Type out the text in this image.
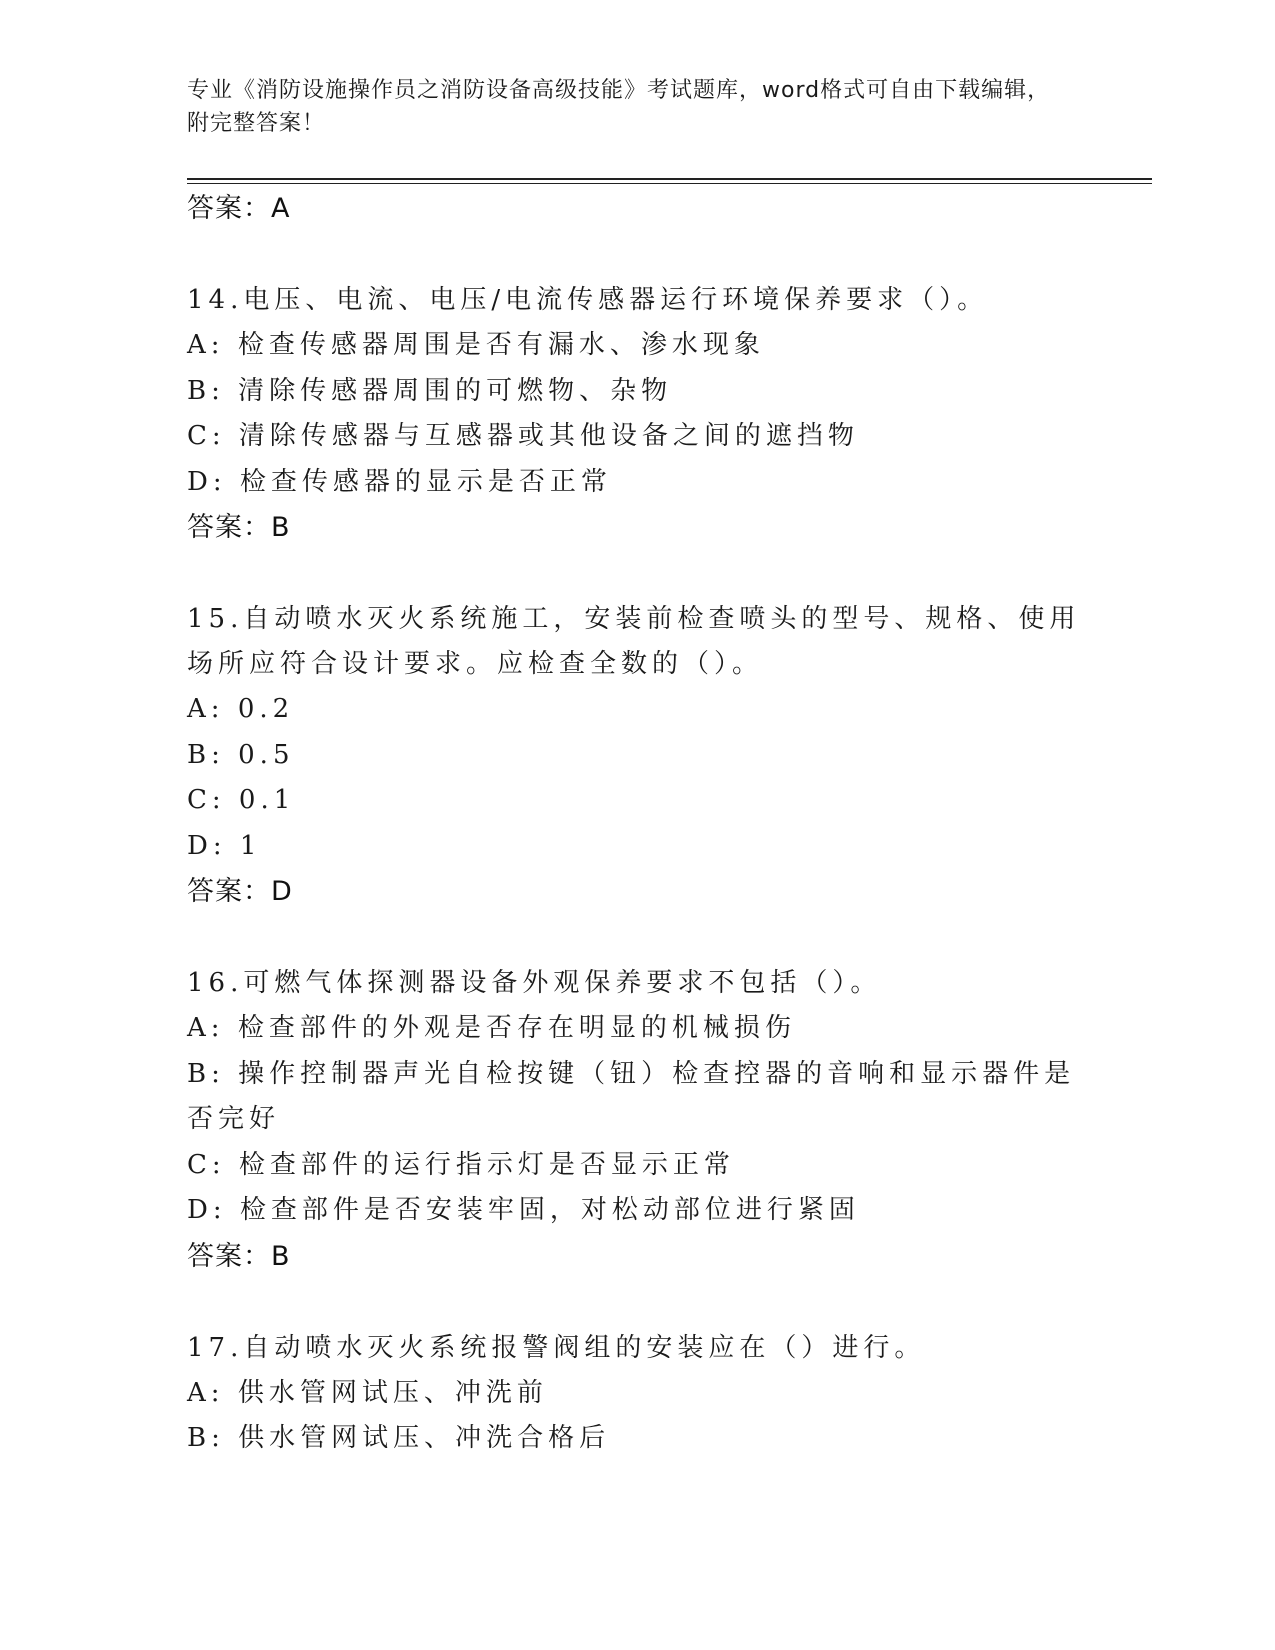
专业《消防设施操作员之消防设备高级技能》考试题库，word格式可自由下载编辑，附完整答案！
答案：A
14.电压、电流、电压/电流传感器运行环境保养要求（）。
A: 检查传感器周围是否有漏水、渗水现象
B: 清除传感器周围的可燃物、杂物
C: 清除传感器与互感器或其他设备之间的遮挡物
D: 检查传感器的显示是否正常
答案：B
15.自动喷水灭火系统施工，安装前检查喷头的型号、规格、使用场所应符合设计要求。应检查全数的（）。
A: 0.2
B: 0.5
C: 0.1
D: 1
答案：D
16.可燃气体探测器设备外观保养要求不包括（）。
A: 检查部件的外观是否存在明显的机械损伤
B: 操作控制器声光自检按键（钮）检查控器的音响和显示器件是否完好
C: 检查部件的运行指示灯是否显示正常
D: 检查部件是否安装牢固，对松动部位进行紧固
答案：B
17.自动喷水灭火系统报警阀组的安装应在（）进行。
A: 供水管网试压、冲洗前
B: 供水管网试压、冲洗合格后
